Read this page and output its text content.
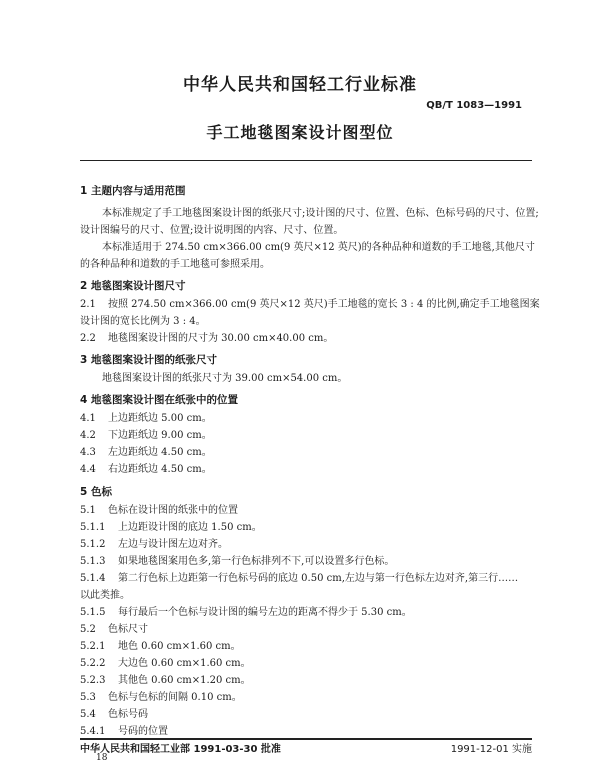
中华人民共和国轻工行业标准
QB/T 1083—1991
手工地毯图案设计图型位
1 主题内容与适用范围
本标准规定了手工地毯图案设计图的纸张尺寸;设计图的尺寸、位置、色标、色标号码的尺寸、位置;
设计图编号的尺寸、位置;设计说明图的内容、尺寸、位置。
本标准适用于 274.50 cm×366.00 cm(9 英尺×12 英尺)的各种品种和道数的手工地毯,其他尺寸
的各种品种和道数的手工地毯可参照采用。
2 地毯图案设计图尺寸
2.1 按照 274.50 cm×366.00 cm(9 英尺×12 英尺)手工地毯的宽长 3 : 4 的比例,确定手工地毯图案
设计图的宽长比例为 3 : 4。
2.2 地毯图案设计图的尺寸为 30.00 cm×40.00 cm。
3 地毯图案设计图的纸张尺寸
地毯图案设计图的纸张尺寸为 39.00 cm×54.00 cm。
4 地毯图案设计图在纸张中的位置
4.1 上边距纸边 5.00 cm。
4.2 下边距纸边 9.00 cm。
4.3 左边距纸边 4.50 cm。
4.4 右边距纸边 4.50 cm。
5 色标
5.1 色标在设计图的纸张中的位置
5.1.1 上边距设计图的底边 1.50 cm。
5.1.2 左边与设计图左边对齐。
5.1.3 如果地毯图案用色多,第一行色标排列不下,可以设置多行色标。
5.1.4 第二行色标上边距第一行色标号码的底边 0.50 cm,左边与第一行色标左边对齐,第三行……
以此类推。
5.1.5 每行最后一个色标与设计图的编号左边的距离不得少于 5.30 cm。
5.2 色标尺寸
5.2.1 地色 0.60 cm×1.60 cm。
5.2.2 大边色 0.60 cm×1.60 cm。
5.2.3 其他色 0.60 cm×1.20 cm。
5.3 色标与色标的间隔 0.10 cm。
5.4 色标号码
5.4.1 号码的位置
中华人民共和国轻工业部 1991-03-30 批准	1991-12-01 实施
18
